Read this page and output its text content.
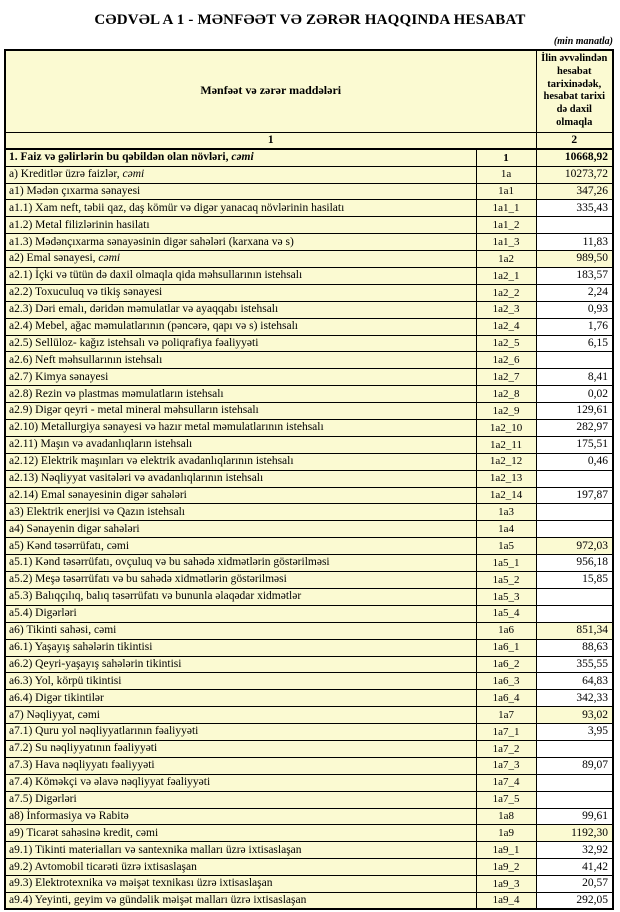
CƏDVƏL A 1 - MƏNFƏƏT VƏ ZƏRƏR HAQQINDA HESABAT
(min manatla)
Mənfəət və zərər maddələri		İlin əvvəlindən hesabat tarixinədək, hesabat tarixi də daxil olmaqla
1		2
1. Faiz və gəlirlərin bu qəbildən olan növləri, cəmi	1	10668,92
a) Kreditlər üzrə faizlər, cəmi	1a	10273,72
a1) Mədən çıxarma sənayesi	1a1	347,26
a1.1) Xam neft, təbii qaz, daş kömür və digər yanacaq növlərinin hasilatı	1a1_1	335,43
a1.2) Metal filizlərinin hasilatı	1a1_2	
a1.3) Mədənçıxarma sənayəsinin digər sahələri (karxana və s)	1a1_3	11,83
a2) Emal sənayesi, cəmi	1a2	989,50
a2.1) İçki və tütün də daxil olmaqla qida məhsullarının istehsalı	1a2_1	183,57
a2.2) Toxuculuq və tikiş sənayesi	1a2_2	2,24
a2.3) Dəri emalı, dəridən məmulatlar və ayaqqabı istehsalı	1a2_3	0,93
a2.4) Mebel, ağac məmulatlarının (pəncərə, qapı və s) istehsalı	1a2_4	1,76
a2.5) Sellüloz- kağız istehsalı və poliqrafiya fəaliyyəti	1a2_5	6,15
a2.6) Neft məhsullarının istehsalı	1a2_6	
a2.7) Kimya sənayesi	1a2_7	8,41
a2.8) Rezin və plastmas məmulatların istehsalı	1a2_8	0,02
a2.9) Digər qeyri - metal mineral məhsulların istehsalı	1a2_9	129,61
a2.10) Metallurgiya sənayesi və hazır metal məmulatlarının istehsalı	1a2_10	282,97
a2.11) Maşın və avadanlıqların istehsalı	1a2_11	175,51
a2.12) Elektrik maşınları və elektrik avadanlıqlarının istehsalı	1a2_12	0,46
a2.13) Nəqliyyat vasitələri və avadanlıqlarının istehsalı	1a2_13	
a2.14) Emal sənayesinin digər sahələri	1a2_14	197,87
a3) Elektrik enerjisi və Qazın istehsalı	1a3	
a4) Sənayenin digər sahələri	1a4	
a5) Kənd təsərrüfatı, cəmi	1a5	972,03
a5.1) Kənd təsərrüfatı, ovçuluq və bu sahədə xidmətlərin göstərilməsi	1a5_1	956,18
a5.2) Meşə təsərrüfatı və bu sahədə xidmətlərin göstərilməsi	1a5_2	15,85
a5.3) Balıqçılıq, balıq təsərrüfatı və bununla əlaqədar xidmətlər	1a5_3	
a5.4) Digərləri	1a5_4	
a6) Tikinti sahəsi, cəmi	1a6	851,34
a6.1) Yaşayış sahələrin tikintisi	1a6_1	88,63
a6.2) Qeyri-yaşayış sahələrin tikintisi	1a6_2	355,55
a6.3) Yol, körpü tikintisi	1a6_3	64,83
a6.4) Digər tikintilər	1a6_4	342,33
a7) Nəqliyyat, cəmi	1a7	93,02
a7.1) Quru yol nəqliyyatlarının fəaliyyəti	1a7_1	3,95
a7.2) Su nəqliyyatının fəaliyyəti	1a7_2	
a7.3) Hava nəqliyyatı fəaliyyəti	1a7_3	89,07
a7.4) Köməkçi və əlavə nəqliyyat fəaliyyəti	1a7_4	
a7.5) Digərləri	1a7_5	
a8) İnformasiya və Rabitə	1a8	99,61
a9) Ticarət sahəsinə kredit, cəmi	1a9	1192,30
a9.1) Tikinti materialları və santexnika malları üzrə ixtisaslaşan	1a9_1	32,92
a9.2) Avtomobil ticarəti üzrə ixtisaslaşan	1a9_2	41,42
a9.3) Elektrotexnika və məişət texnikası üzrə ixtisaslaşan	1a9_3	20,57
a9.4) Yeyinti, geyim və gündəlik məişət malları üzrə ixtisaslaşan	1a9_4	292,05
